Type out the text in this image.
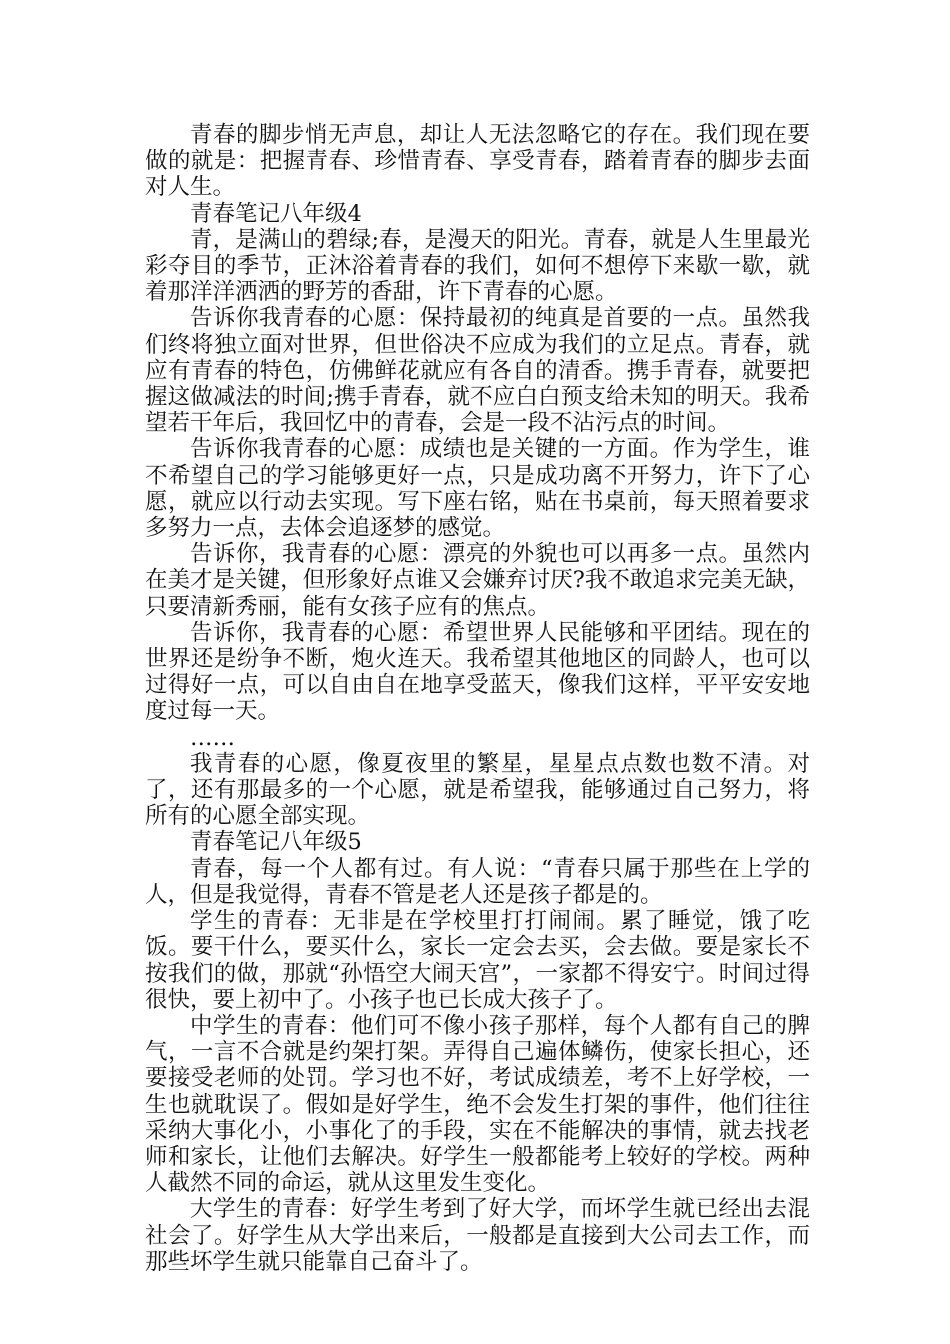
青春的脚步悄无声息，却让人无法忽略它的存在。我们现在要做的就是：把握青春、珍惜青春、享受青春，踏着青春的脚步去面对人生。

青春笔记八年级4

青，是满山的碧绿;春，是漫天的阳光。青春，就是人生里最光彩夺目的季节，正沐浴着青春的我们，如何不想停下来歇一歇，就着那洋洋洒洒的野芳的香甜，许下青春的心愿。

告诉你我青春的心愿：保持最初的纯真是首要的一点。虽然我们终将独立面对世界，但世俗决不应成为我们的立足点。青春，就应有青春的特色，仿佛鲜花就应有各自的清香。携手青春，就要把握这做减法的时间;携手青春，就不应白白预支给未知的明天。我希望若干年后，我回忆中的青春，会是一段不沾污点的时间。

告诉你我青春的心愿：成绩也是关键的一方面。作为学生，谁不希望自己的学习能够更好一点，只是成功离不开努力，许下了心愿，就应以行动去实现。写下座右铭，贴在书桌前，每天照着要求多努力一点，去体会追逐梦的感觉。

告诉你，我青春的心愿：漂亮的外貌也可以再多一点。虽然内在美才是关键，但形象好点谁又会嫌弃讨厌?我不敢追求完美无缺，只要清新秀丽，能有女孩子应有的焦点。

告诉你，我青春的心愿：希望世界人民能够和平团结。现在的世界还是纷争不断，炮火连天。我希望其他地区的同龄人，也可以过得好一点，可以自由自在地享受蓝天，像我们这样，平平安安地度过每一天。

……

我青春的心愿，像夏夜里的繁星，星星点点数也数不清。对了，还有那最多的一个心愿，就是希望我，能够通过自己努力，将所有的心愿全部实现。

青春笔记八年级5

青春，每一个人都有过。有人说：“青春只属于那些在上学的人，但是我觉得，青春不管是老人还是孩子都是的。

学生的青春：无非是在学校里打打闹闹。累了睡觉，饿了吃饭。要干什么，要买什么，家长一定会去买，会去做。要是家长不按我们的做，那就“孙悟空大闹天宫”，一家都不得安宁。时间过得很快，要上初中了。小孩子也已长成大孩子了。

中学生的青春：他们可不像小孩子那样，每个人都有自己的脾气，一言不合就是约架打架。弄得自己遍体鳞伤，使家长担心，还要接受老师的处罚。学习也不好，考试成绩差，考不上好学校，一生也就耽误了。假如是好学生，绝不会发生打架的事件，他们往往采纳大事化小，小事化了的手段，实在不能解决的事情，就去找老师和家长，让他们去解决。好学生一般都能考上较好的学校。两种人截然不同的命运，就从这里发生变化。

大学生的青春：好学生考到了好大学，而坏学生就已经出去混社会了。好学生从大学出来后，一般都是直接到大公司去工作，而那些坏学生就只能靠自己奋斗了。
